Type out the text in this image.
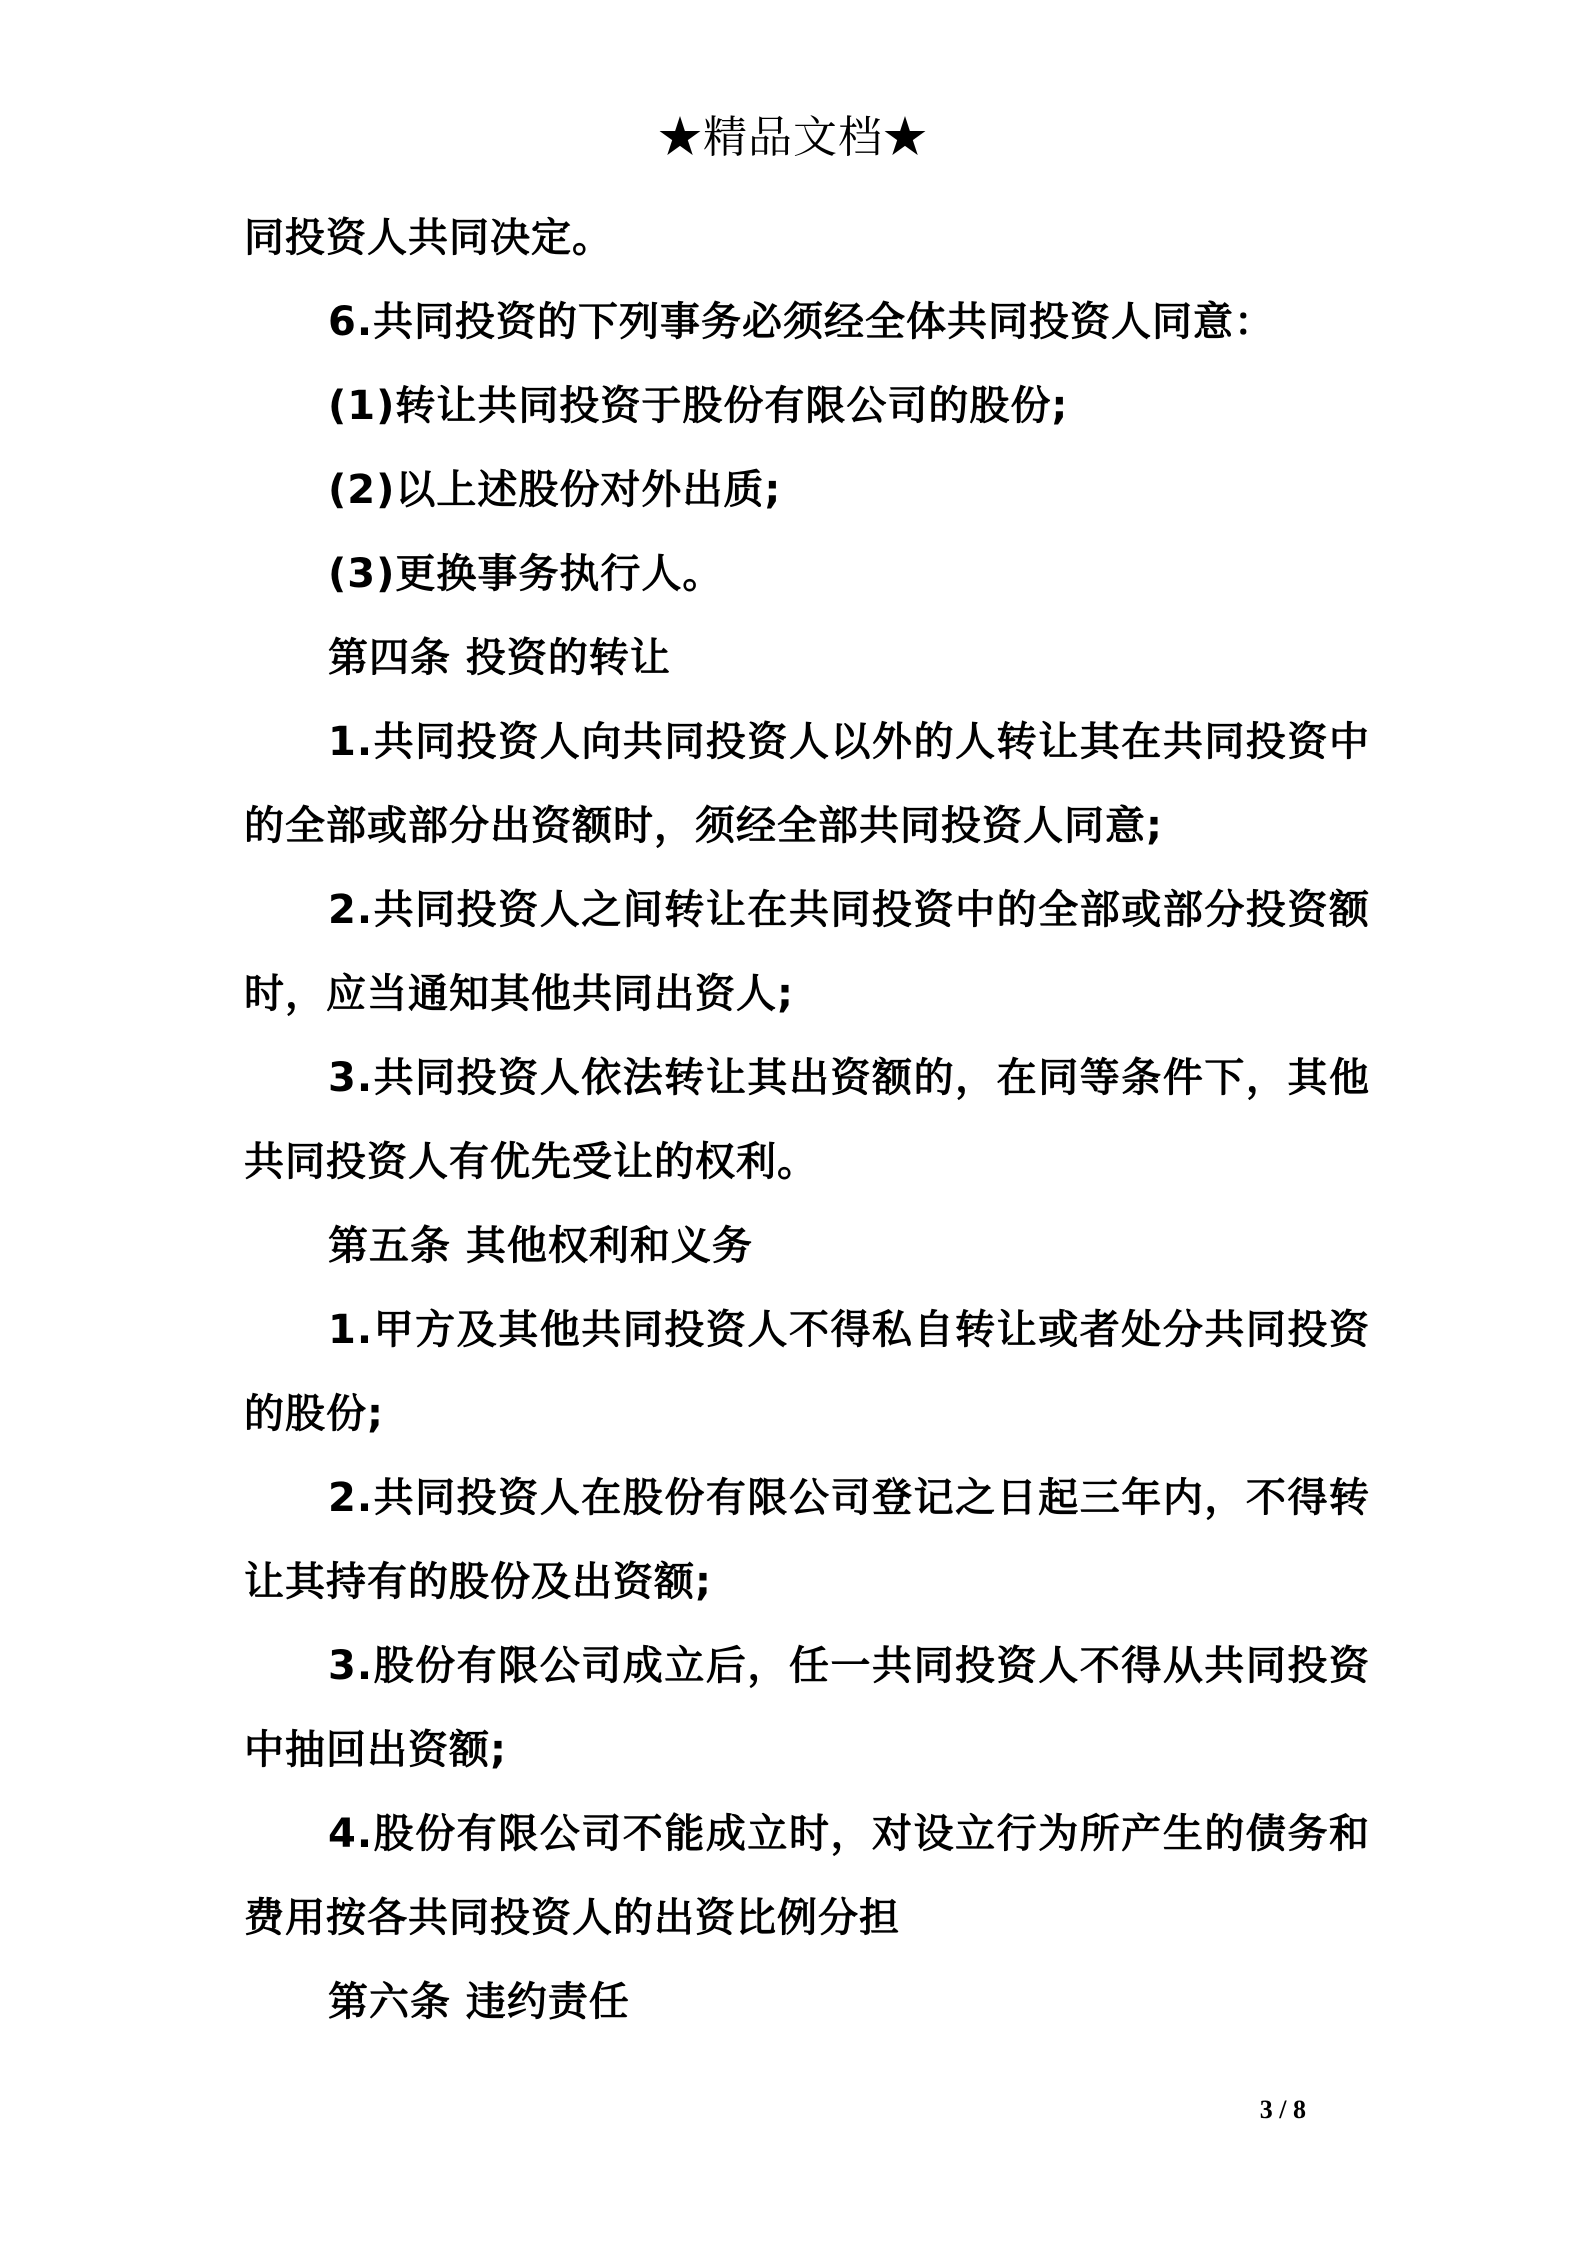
★精品文档★

同投资人共同决定。

6.共同投资的下列事务必须经全体共同投资人同意：

(1)转让共同投资于股份有限公司的股份;

(2)以上述股份对外出质;

(3)更换事务执行人。

第四条 投资的转让

1.共同投资人向共同投资人以外的人转让其在共同投资中的全部或部分出资额时，须经全部共同投资人同意;

2.共同投资人之间转让在共同投资中的全部或部分投资额时，应当通知其他共同出资人;

3.共同投资人依法转让其出资额的，在同等条件下，其他共同投资人有优先受让的权利。

第五条 其他权利和义务

1.甲方及其他共同投资人不得私自转让或者处分共同投资的股份;

2.共同投资人在股份有限公司登记之日起三年内，不得转让其持有的股份及出资额;

3.股份有限公司成立后，任一共同投资人不得从共同投资中抽回出资额;

4.股份有限公司不能成立时，对设立行为所产生的债务和费用按各共同投资人的出资比例分担

第六条 违约责任

3 / 8
